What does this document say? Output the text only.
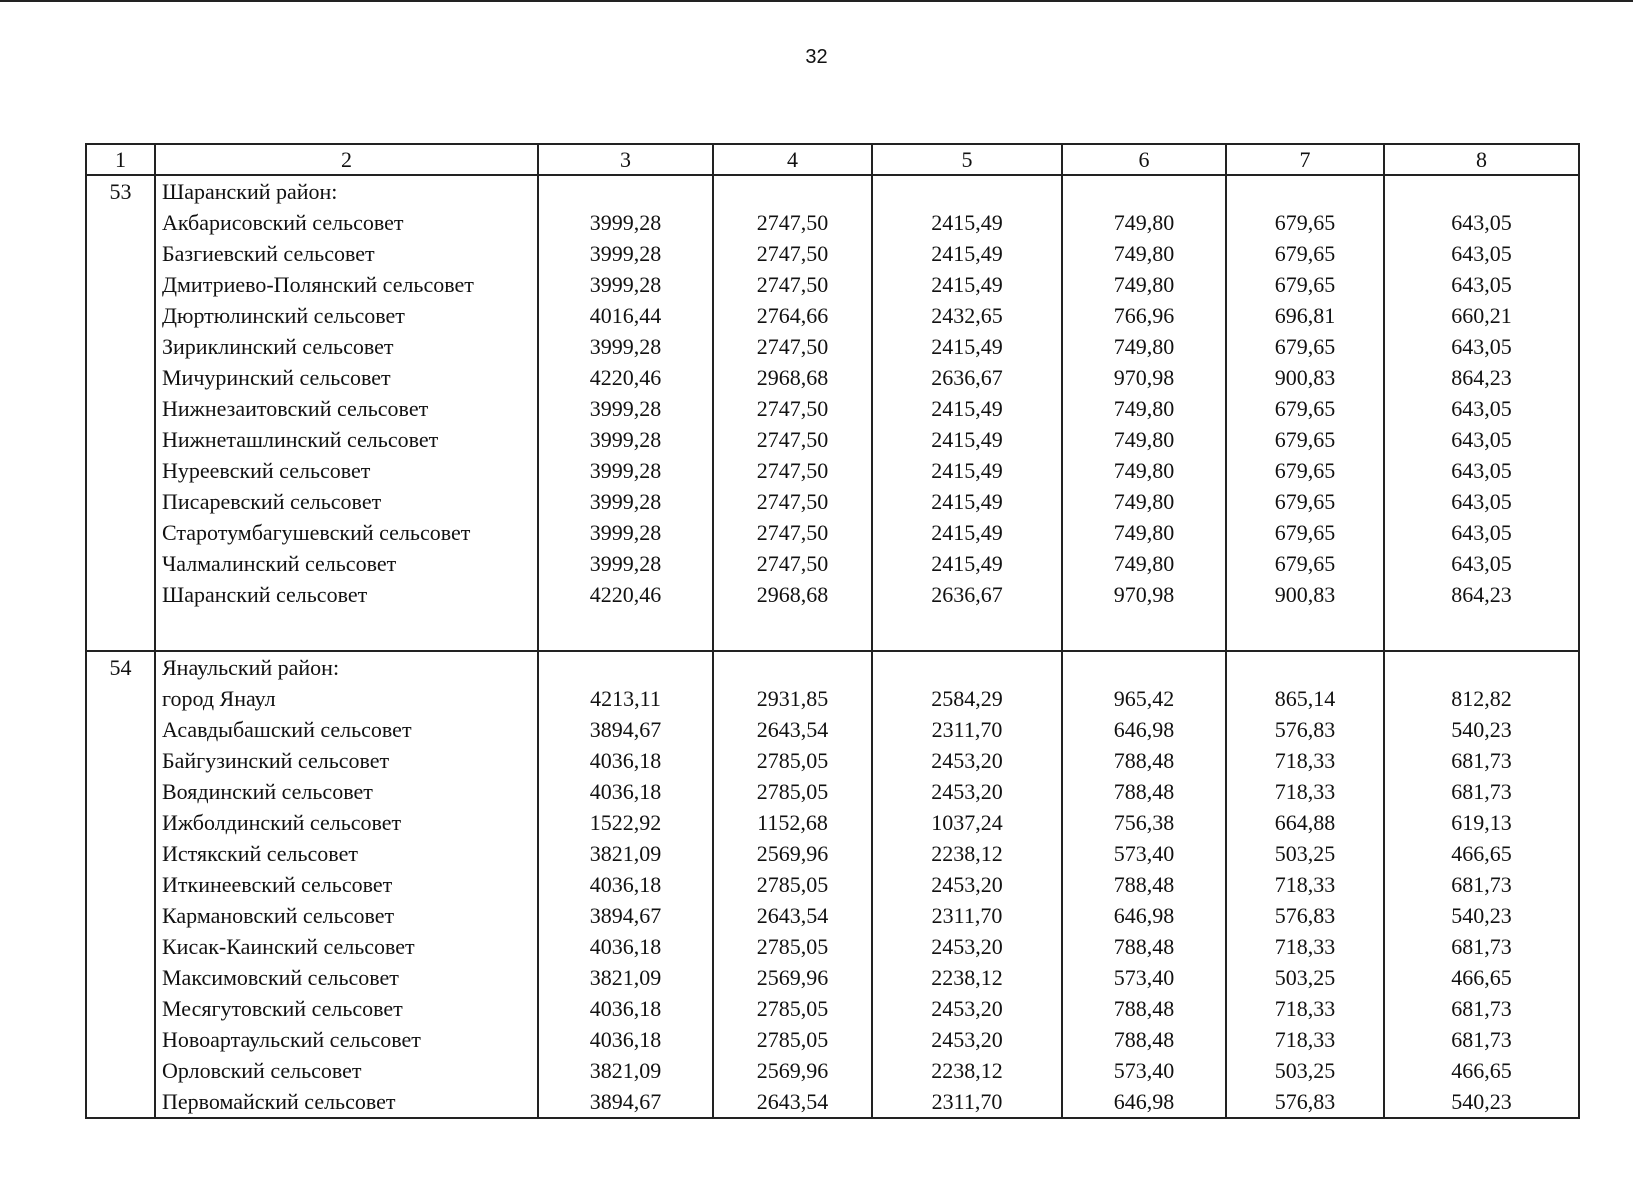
32
1	2	3	4	5	6	7	8
53	Шаранский район:						
	Акбарисовский сельсовет	3999,28	2747,50	2415,49	749,80	679,65	643,05
	Базгиевский сельсовет	3999,28	2747,50	2415,49	749,80	679,65	643,05
	Дмитриево-Полянский сельсовет	3999,28	2747,50	2415,49	749,80	679,65	643,05
	Дюртюлинский сельсовет	4016,44	2764,66	2432,65	766,96	696,81	660,21
	Зириклинский сельсовет	3999,28	2747,50	2415,49	749,80	679,65	643,05
	Мичуринский сельсовет	4220,46	2968,68	2636,67	970,98	900,83	864,23
	Нижнезаитовский сельсовет	3999,28	2747,50	2415,49	749,80	679,65	643,05
	Нижнеташлинский сельсовет	3999,28	2747,50	2415,49	749,80	679,65	643,05
	Нуреевский сельсовет	3999,28	2747,50	2415,49	749,80	679,65	643,05
	Писаревский сельсовет	3999,28	2747,50	2415,49	749,80	679,65	643,05
	Старотумбагушевский сельсовет	3999,28	2747,50	2415,49	749,80	679,65	643,05
	Чалмалинский сельсовет	3999,28	2747,50	2415,49	749,80	679,65	643,05
	Шаранский сельсовет	4220,46	2968,68	2636,67	970,98	900,83	864,23

54	Янаульский район:						
	город Янаул	4213,11	2931,85	2584,29	965,42	865,14	812,82
	Асавдыбашский сельсовет	3894,67	2643,54	2311,70	646,98	576,83	540,23
	Байгузинский сельсовет	4036,18	2785,05	2453,20	788,48	718,33	681,73
	Воядинский сельсовет	4036,18	2785,05	2453,20	788,48	718,33	681,73
	Ижболдинский сельсовет	1522,92	1152,68	1037,24	756,38	664,88	619,13
	Истякский сельсовет	3821,09	2569,96	2238,12	573,40	503,25	466,65
	Иткинеевский сельсовет	4036,18	2785,05	2453,20	788,48	718,33	681,73
	Кармановский сельсовет	3894,67	2643,54	2311,70	646,98	576,83	540,23
	Кисак-Каинский сельсовет	4036,18	2785,05	2453,20	788,48	718,33	681,73
	Максимовский сельсовет	3821,09	2569,96	2238,12	573,40	503,25	466,65
	Месягутовский сельсовет	4036,18	2785,05	2453,20	788,48	718,33	681,73
	Новоартаульский сельсовет	4036,18	2785,05	2453,20	788,48	718,33	681,73
	Орловский сельсовет	3821,09	2569,96	2238,12	573,40	503,25	466,65
	Первомайский сельсовет	3894,67	2643,54	2311,70	646,98	576,83	540,23
